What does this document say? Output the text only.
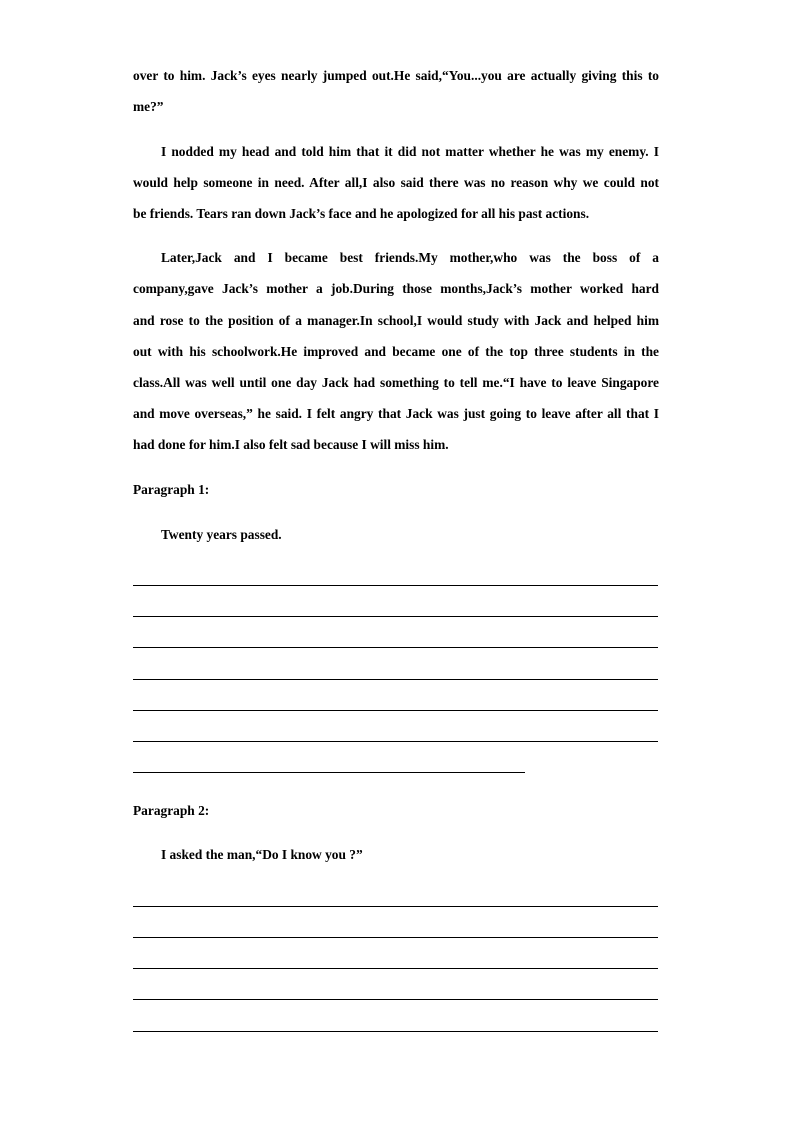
over to him. Jack’s eyes nearly jumped out.He said,“You...you are actually giving this to
me?”
I nodded my head and told him that it did not matter whether he was my enemy. I
would help someone in need. After all,I also said there was no reason why we could not
be friends. Tears ran down Jack’s face and he apologized for all his past actions.
Later,Jack and I became best friends.My mother,who was the boss of a
company,gave Jack’s mother a job.During those months,Jack’s mother worked hard
and rose to the position of a manager.In school,I would study with Jack and helped him
out with his schoolwork.He improved and became one of the top three students in the
class.All was well until one day Jack had something to tell me.“I have to leave Singapore
and move overseas,” he said. I felt angry that Jack was just going to leave after all that I
had done for him.I also felt sad because I will miss him.
Paragraph 1:
Twenty years passed.
Paragraph 2:
I asked the man,“Do I know you ?”
